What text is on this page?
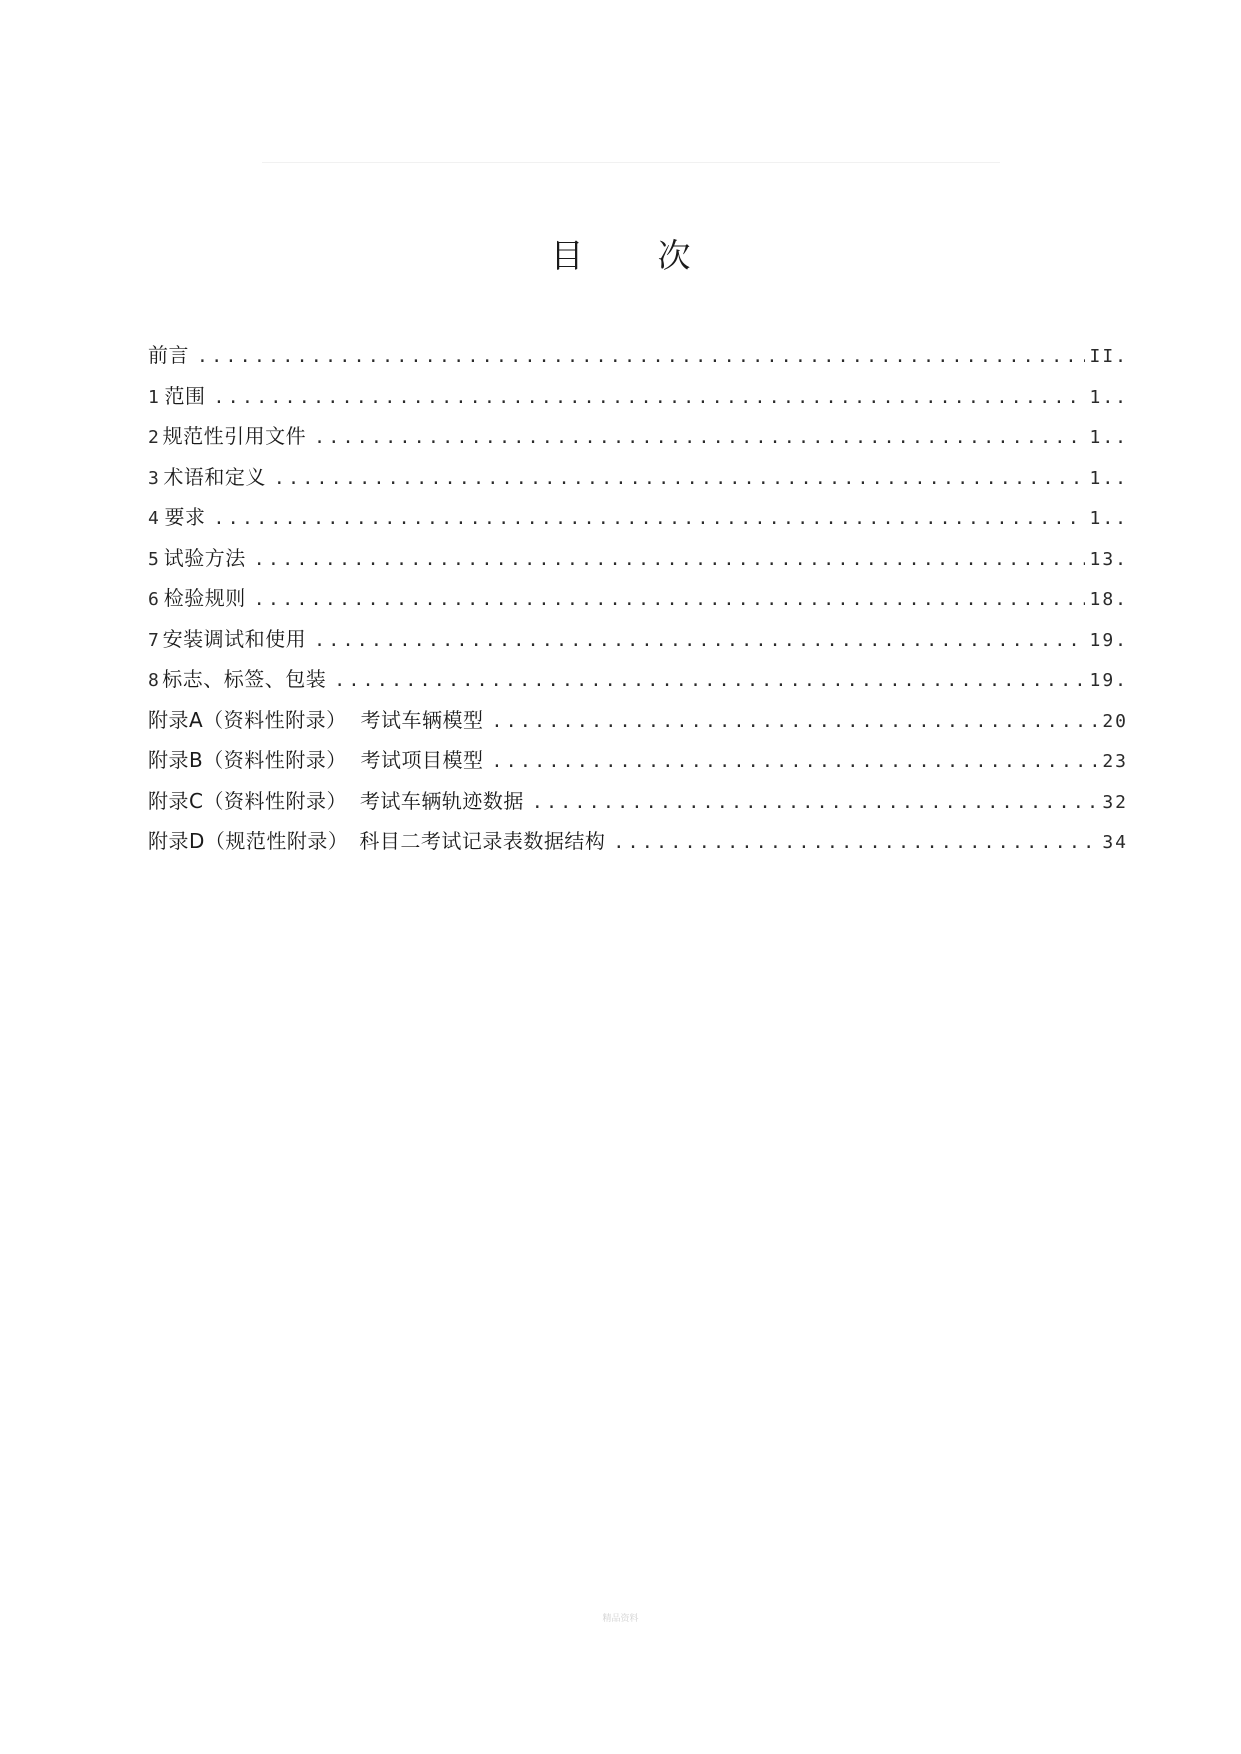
目 次
前言 .....	II.
1 范围 .....	1..
2 规范性引用文件 .....	1..
3 术语和定义 .....	1..
4 要求 .....	1..
5 试验方法 .....	13.
6 检验规则 .....	18.
7 安装调试和使用 .....	19.
8 标志、标签、包装 .....	19.
附录A（资料性附录） 考试车辆模型 .....	20
附录B（资料性附录） 考试项目模型 .....	23
附录C（资料性附录） 考试车辆轨迹数据 .....	32
附录D（规范性附录） 科目二考试记录表数据结构 .....	34
精品资料
